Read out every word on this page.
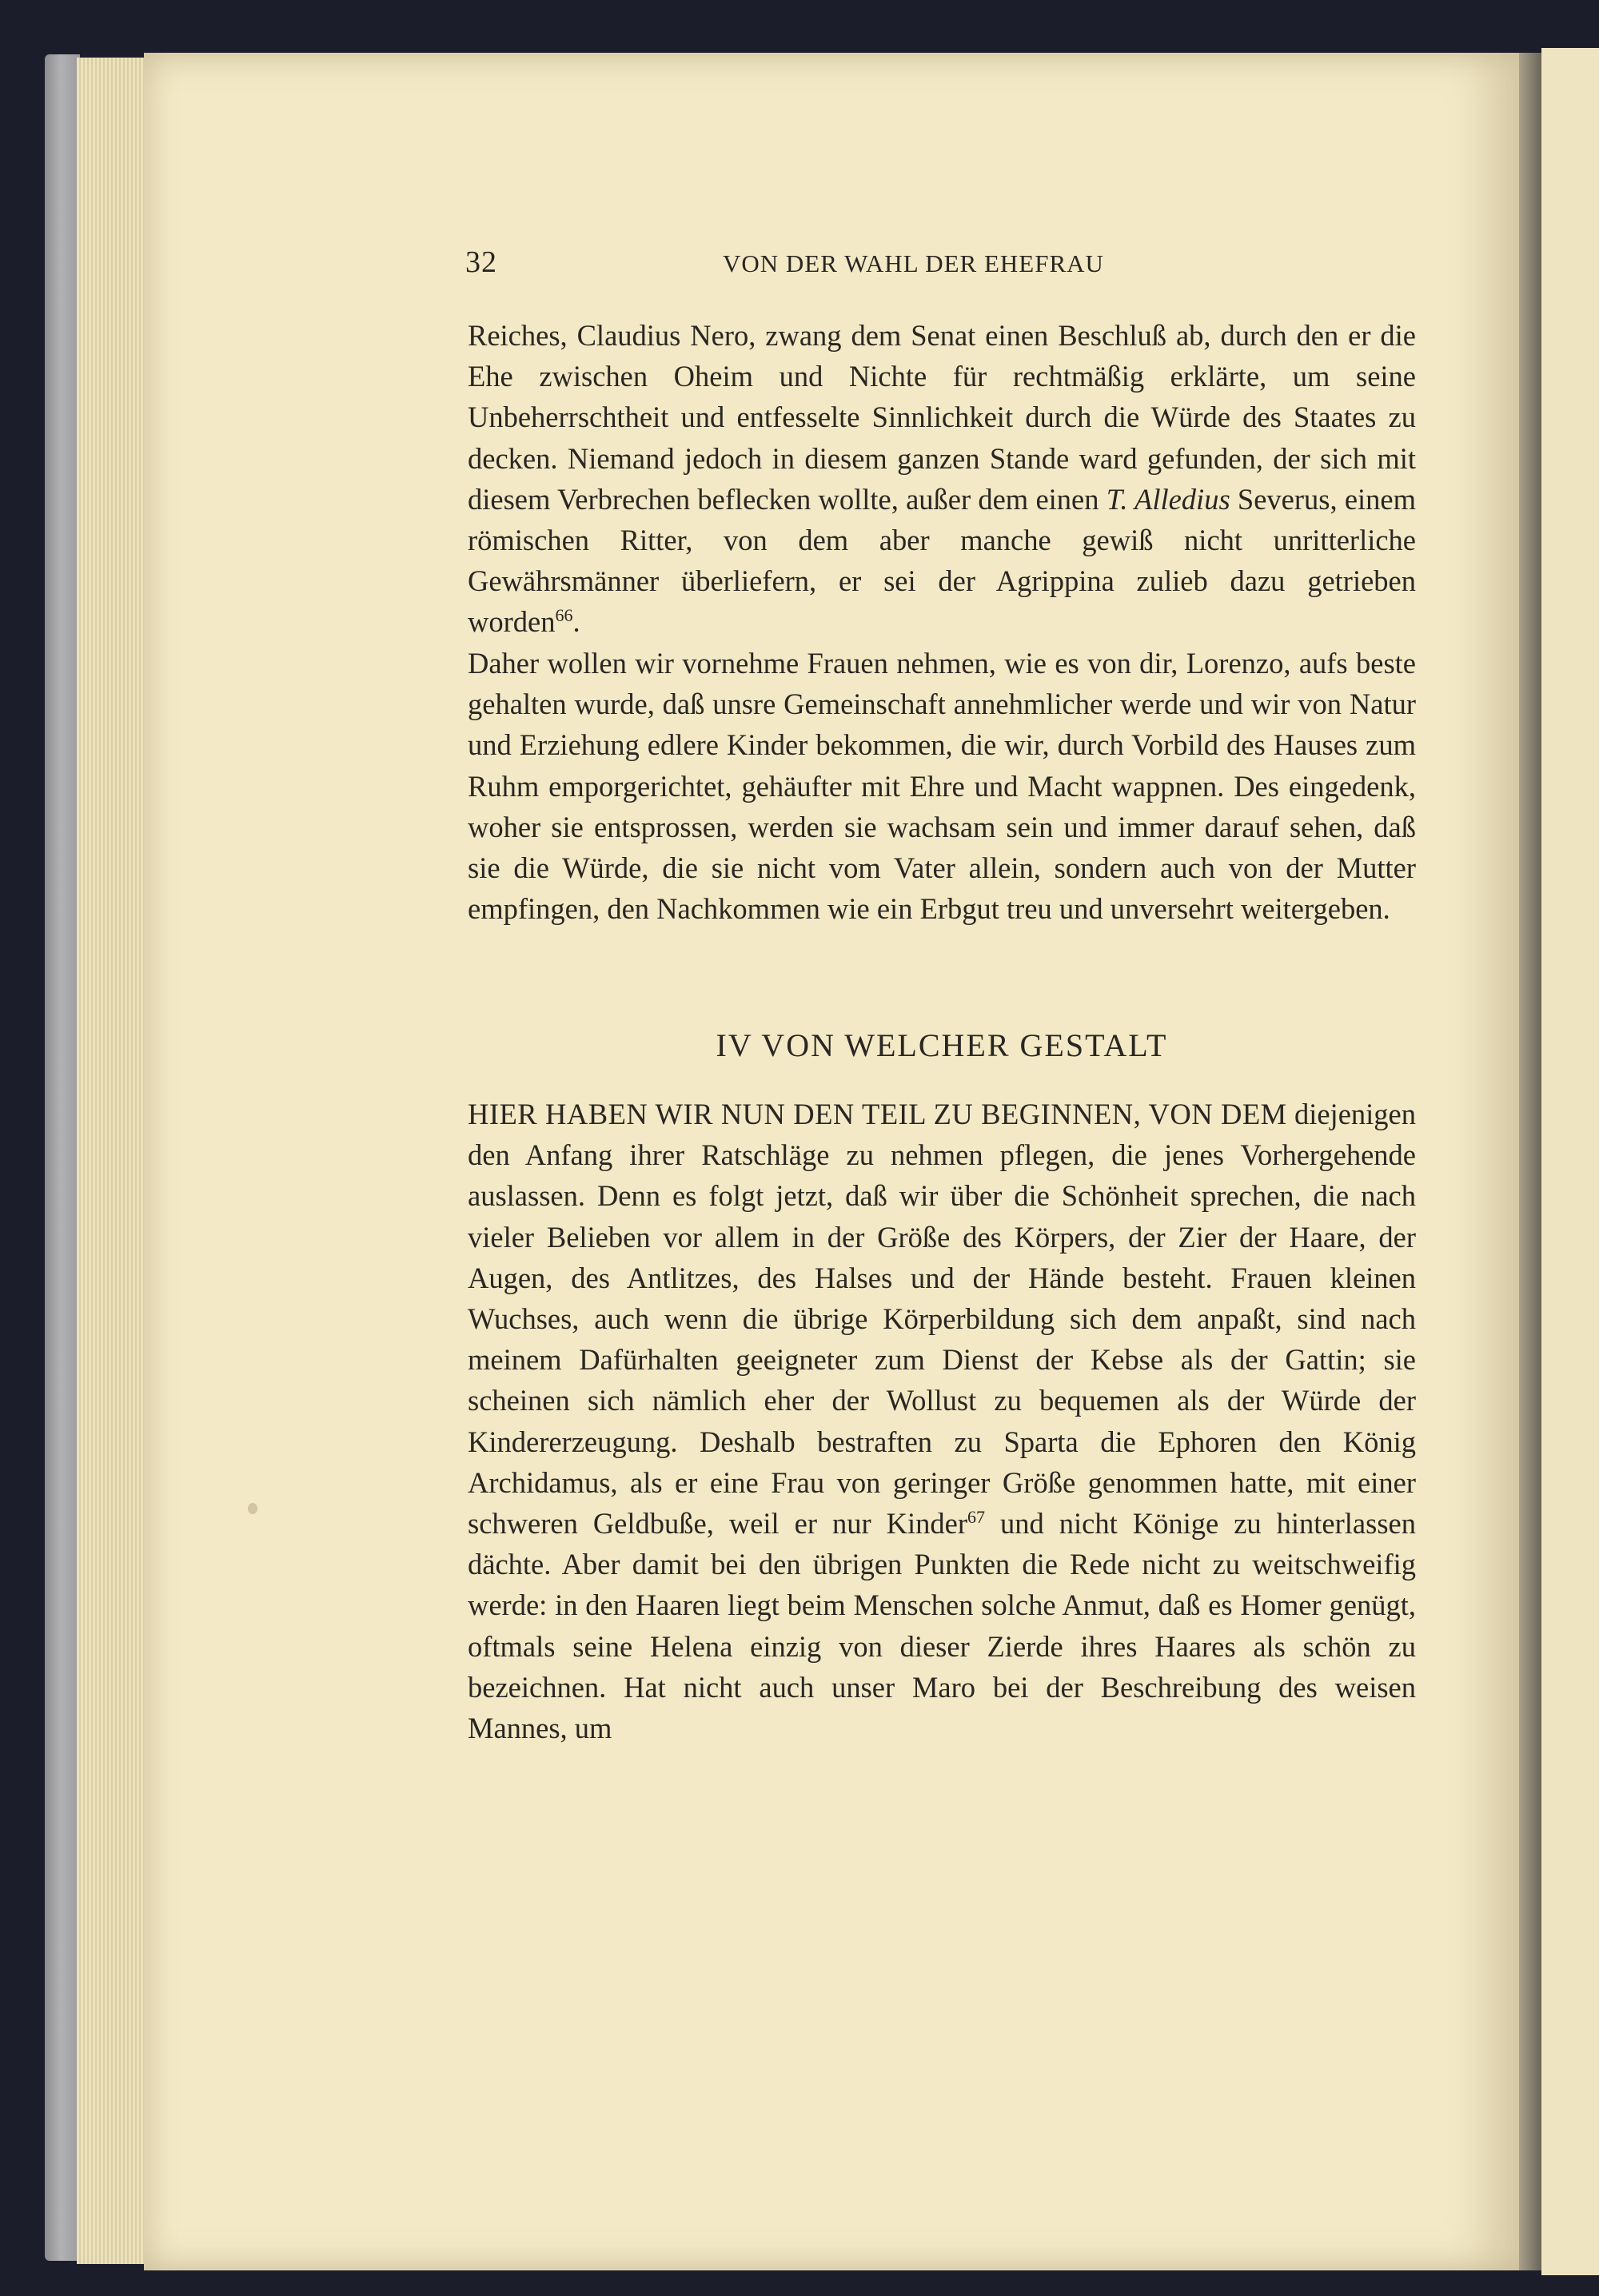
32	VON DER WAHL DER EHEFRAU

Reiches, Claudius Nero, zwang dem Senat einen Beschluß ab, durch den er die Ehe zwischen Oheim und Nichte für rechtmäßig erklärte, um seine Unbeherrschtheit und entfesselte Sinnlichkeit durch die Würde des Staates zu decken. Niemand jedoch in diesem ganzen Stande ward gefunden, der sich mit diesem Verbrechen beflecken wollte, außer dem einen T. Alledius Severus, einem römischen Ritter, von dem aber manche gewiß nicht unritterliche Gewährsmänner überliefern, er sei der Agrippina zulieb dazu getrieben worden$^{66}$.

Daher wollen wir vornehme Frauen nehmen, wie es von dir, Lorenzo, aufs beste gehalten wurde, daß unsre Gemeinschaft annehmlicher werde und wir von Natur und Erziehung edlere Kinder bekommen, die wir, durch Vorbild des Hauses zum Ruhm emporgerichtet, gehäufter mit Ehre und Macht wappnen. Des eingedenk, woher sie entsprossen, werden sie wachsam sein und immer darauf sehen, daß sie die Würde, die sie nicht vom Vater allein, sondern auch von der Mutter empfingen, den Nachkommen wie ein Erbgut treu und unversehrt weitergeben.

IV VON WELCHER GESTALT

HIER HABEN WIR NUN DEN TEIL ZU BEGINNEN, VON DEM diejenigen den Anfang ihrer Ratschläge zu nehmen pflegen, die jenes Vorhergehende auslassen. Denn es folgt jetzt, daß wir über die Schönheit sprechen, die nach vieler Belieben vor allem in der Größe des Körpers, der Zier der Haare, der Augen, des Antlitzes, des Halses und der Hände besteht. Frauen kleinen Wuchses, auch wenn die übrige Körperbildung sich dem anpaßt, sind nach meinem Dafürhalten geeigneter zum Dienst der Kebse als der Gattin; sie scheinen sich nämlich eher der Wollust zu bequemen als der Würde der Kindererzeugung. Deshalb bestraften zu Sparta die Ephoren den König Archidamus, als er eine Frau von geringer Größe genommen hatte, mit einer schweren Geldbuße, weil er nur Kinder$^{67}$ und nicht Könige zu hinterlassen dächte. Aber damit bei den übrigen Punkten die Rede nicht zu weitschweifig werde: in den Haaren liegt beim Menschen solche Anmut, daß es Homer genügt, oftmals seine Helena einzig von dieser Zierde ihres Haares als schön zu bezeichnen. Hat nicht auch unser Maro bei der Beschreibung des weisen Mannes, um
